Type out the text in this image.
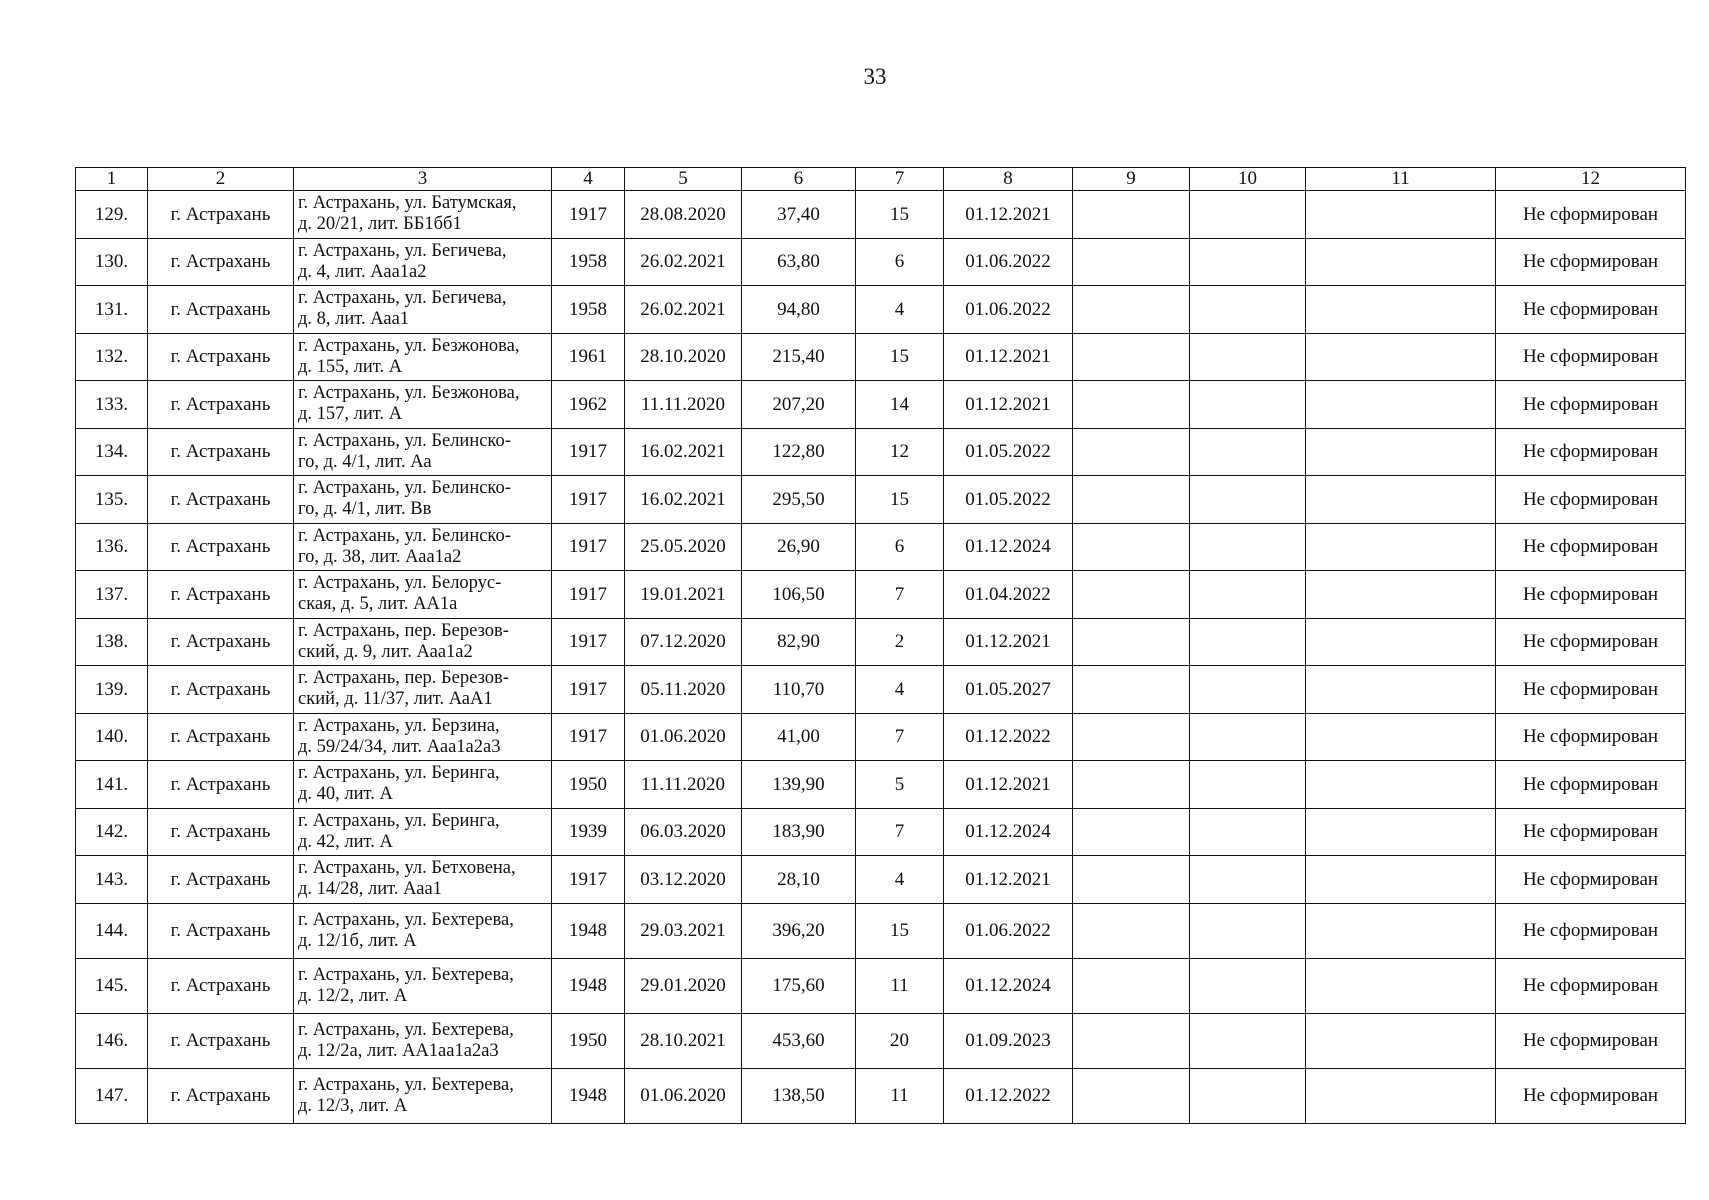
33
1	2	3	4	5	6	7	8	9	10	11	12
129.	г. Астрахань	г. Астрахань, ул. Батумская,
д. 20/21, лит. ББ1бб1	1917	28.08.2020	37,40	15	01.12.2021				Не сформирован
130.	г. Астрахань	г. Астрахань, ул. Бегичева,
д. 4, лит. Ааа1а2	1958	26.02.2021	63,80	6	01.06.2022				Не сформирован
131.	г. Астрахань	г. Астрахань, ул. Бегичева,
д. 8, лит. Ааа1	1958	26.02.2021	94,80	4	01.06.2022				Не сформирован
132.	г. Астрахань	г. Астрахань, ул. Безжонова,
д. 155, лит. А	1961	28.10.2020	215,40	15	01.12.2021				Не сформирован
133.	г. Астрахань	г. Астрахань, ул. Безжонова,
д. 157, лит. А	1962	11.11.2020	207,20	14	01.12.2021				Не сформирован
134.	г. Астрахань	г. Астрахань, ул. Белинско-
го, д. 4/1, лит. Аа	1917	16.02.2021	122,80	12	01.05.2022				Не сформирован
135.	г. Астрахань	г. Астрахань, ул. Белинско-
го, д. 4/1, лит. Вв	1917	16.02.2021	295,50	15	01.05.2022				Не сформирован
136.	г. Астрахань	г. Астрахань, ул. Белинско-
го, д. 38, лит. Ааа1а2	1917	25.05.2020	26,90	6	01.12.2024				Не сформирован
137.	г. Астрахань	г. Астрахань, ул. Белорус-
ская, д. 5, лит. АА1а	1917	19.01.2021	106,50	7	01.04.2022				Не сформирован
138.	г. Астрахань	г. Астрахань, пер. Березов-
ский, д. 9, лит. Ааа1а2	1917	07.12.2020	82,90	2	01.12.2021				Не сформирован
139.	г. Астрахань	г. Астрахань, пер. Березов-
ский, д. 11/37, лит. АаА1	1917	05.11.2020	110,70	4	01.05.2027				Не сформирован
140.	г. Астрахань	г. Астрахань, ул. Берзина,
д. 59/24/34, лит. Ааа1а2а3	1917	01.06.2020	41,00	7	01.12.2022				Не сформирован
141.	г. Астрахань	г. Астрахань, ул. Беринга,
д. 40, лит. А	1950	11.11.2020	139,90	5	01.12.2021				Не сформирован
142.	г. Астрахань	г. Астрахань, ул. Беринга,
д. 42, лит. А	1939	06.03.2020	183,90	7	01.12.2024				Не сформирован
143.	г. Астрахань	г. Астрахань, ул. Бетховена,
д. 14/28, лит. Ааа1	1917	03.12.2020	28,10	4	01.12.2021				Не сформирован
144.	г. Астрахань	г. Астрахань, ул. Бехтерева,
д. 12/1б, лит. А	1948	29.03.2021	396,20	15	01.06.2022				Не сформирован
145.	г. Астрахань	г. Астрахань, ул. Бехтерева,
д. 12/2, лит. А	1948	29.01.2020	175,60	11	01.12.2024				Не сформирован
146.	г. Астрахань	г. Астрахань, ул. Бехтерева,
д. 12/2а, лит. АА1аа1а2а3	1950	28.10.2021	453,60	20	01.09.2023				Не сформирован
147.	г. Астрахань	г. Астрахань, ул. Бехтерева,
д. 12/3, лит. А	1948	01.06.2020	138,50	11	01.12.2022				Не сформирован
